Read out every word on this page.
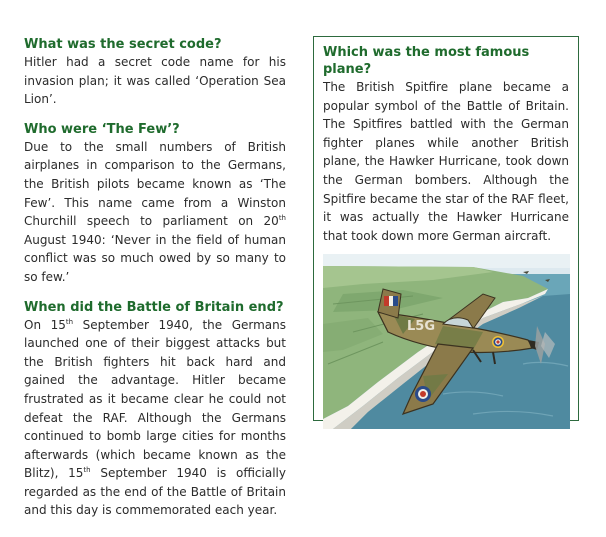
What was the secret code?

Hitler had a secret code name for his invasion plan; it was called ‘Operation Sea Lion’.

Who were ‘The Few’?

Due to the small numbers of British airplanes in comparison to the Germans, the British pilots became known as ‘The Few’. This name came from a Winston Churchill speech to parliament on 20th August 1940: ‘Never in the field of human conflict was so much owed by so many to so few.’

When did the Battle of Britain end?

On 15th September 1940, the Germans launched one of their biggest attacks but the British fighters hit back hard and gained the advantage. Hitler became frustrated as it became clear he could not defeat the RAF. Although the Germans continued to bomb large cities for months afterwards (which became known as the Blitz), 15th September 1940 is officially regarded as the end of the Battle of Britain and this day is commemorated each year.

Which was the most famous plane?

The British Spitfire plane became a popular symbol of the Battle of Britain. The Spitfires battled with the German fighter planes while another British plane, the Hawker Hurricane, took down the German bombers. Although the Spitfire became the star of the RAF fleet, it was actually the Hawker Hurricane that took down more German aircraft.

L5G
